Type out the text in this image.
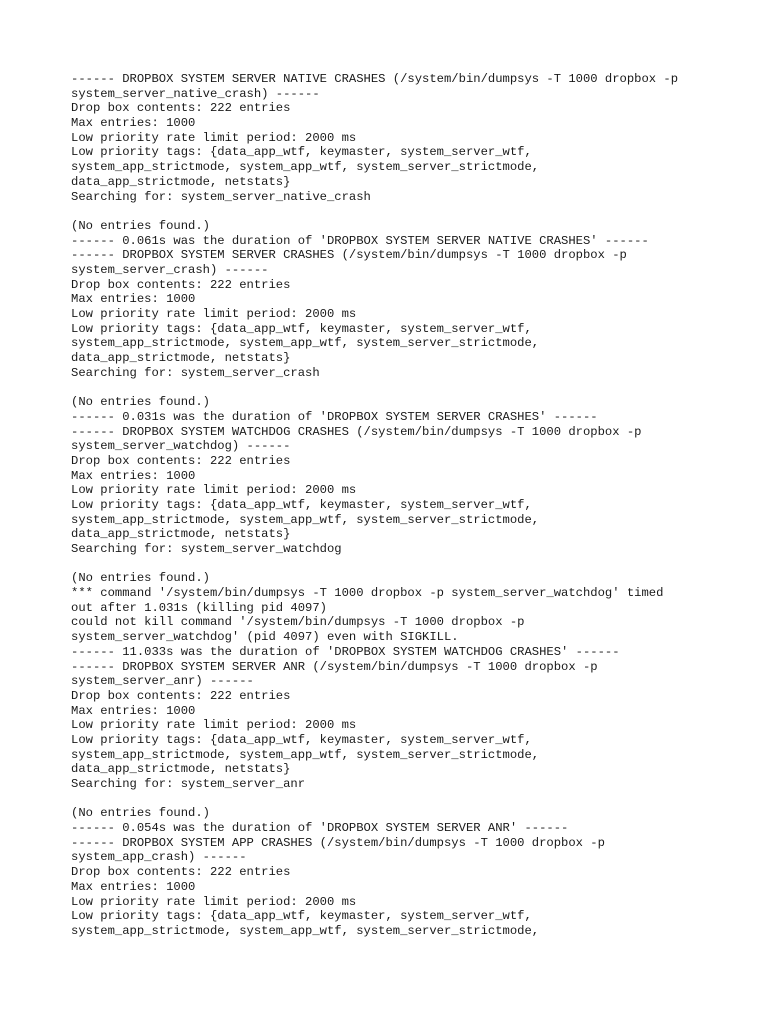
------ DROPBOX SYSTEM SERVER NATIVE CRASHES (/system/bin/dumpsys -T 1000 dropbox -p
system_server_native_crash) ------
Drop box contents: 222 entries
Max entries: 1000
Low priority rate limit period: 2000 ms
Low priority tags: {data_app_wtf, keymaster, system_server_wtf,
system_app_strictmode, system_app_wtf, system_server_strictmode,
data_app_strictmode, netstats}
Searching for: system_server_native_crash
(No entries found.)
------ 0.061s was the duration of 'DROPBOX SYSTEM SERVER NATIVE CRASHES' ------
------ DROPBOX SYSTEM SERVER CRASHES (/system/bin/dumpsys -T 1000 dropbox -p
system_server_crash) ------
Drop box contents: 222 entries
Max entries: 1000
Low priority rate limit period: 2000 ms
Low priority tags: {data_app_wtf, keymaster, system_server_wtf,
system_app_strictmode, system_app_wtf, system_server_strictmode,
data_app_strictmode, netstats}
Searching for: system_server_crash
(No entries found.)
------ 0.031s was the duration of 'DROPBOX SYSTEM SERVER CRASHES' ------
------ DROPBOX SYSTEM WATCHDOG CRASHES (/system/bin/dumpsys -T 1000 dropbox -p
system_server_watchdog) ------
Drop box contents: 222 entries
Max entries: 1000
Low priority rate limit period: 2000 ms
Low priority tags: {data_app_wtf, keymaster, system_server_wtf,
system_app_strictmode, system_app_wtf, system_server_strictmode,
data_app_strictmode, netstats}
Searching for: system_server_watchdog
(No entries found.)
*** command '/system/bin/dumpsys -T 1000 dropbox -p system_server_watchdog' timed
out after 1.031s (killing pid 4097)
could not kill command '/system/bin/dumpsys -T 1000 dropbox -p
system_server_watchdog' (pid 4097) even with SIGKILL.
------ 11.033s was the duration of 'DROPBOX SYSTEM WATCHDOG CRASHES' ------
------ DROPBOX SYSTEM SERVER ANR (/system/bin/dumpsys -T 1000 dropbox -p
system_server_anr) ------
Drop box contents: 222 entries
Max entries: 1000
Low priority rate limit period: 2000 ms
Low priority tags: {data_app_wtf, keymaster, system_server_wtf,
system_app_strictmode, system_app_wtf, system_server_strictmode,
data_app_strictmode, netstats}
Searching for: system_server_anr
(No entries found.)
------ 0.054s was the duration of 'DROPBOX SYSTEM SERVER ANR' ------
------ DROPBOX SYSTEM APP CRASHES (/system/bin/dumpsys -T 1000 dropbox -p
system_app_crash) ------
Drop box contents: 222 entries
Max entries: 1000
Low priority rate limit period: 2000 ms
Low priority tags: {data_app_wtf, keymaster, system_server_wtf,
system_app_strictmode, system_app_wtf, system_server_strictmode,
